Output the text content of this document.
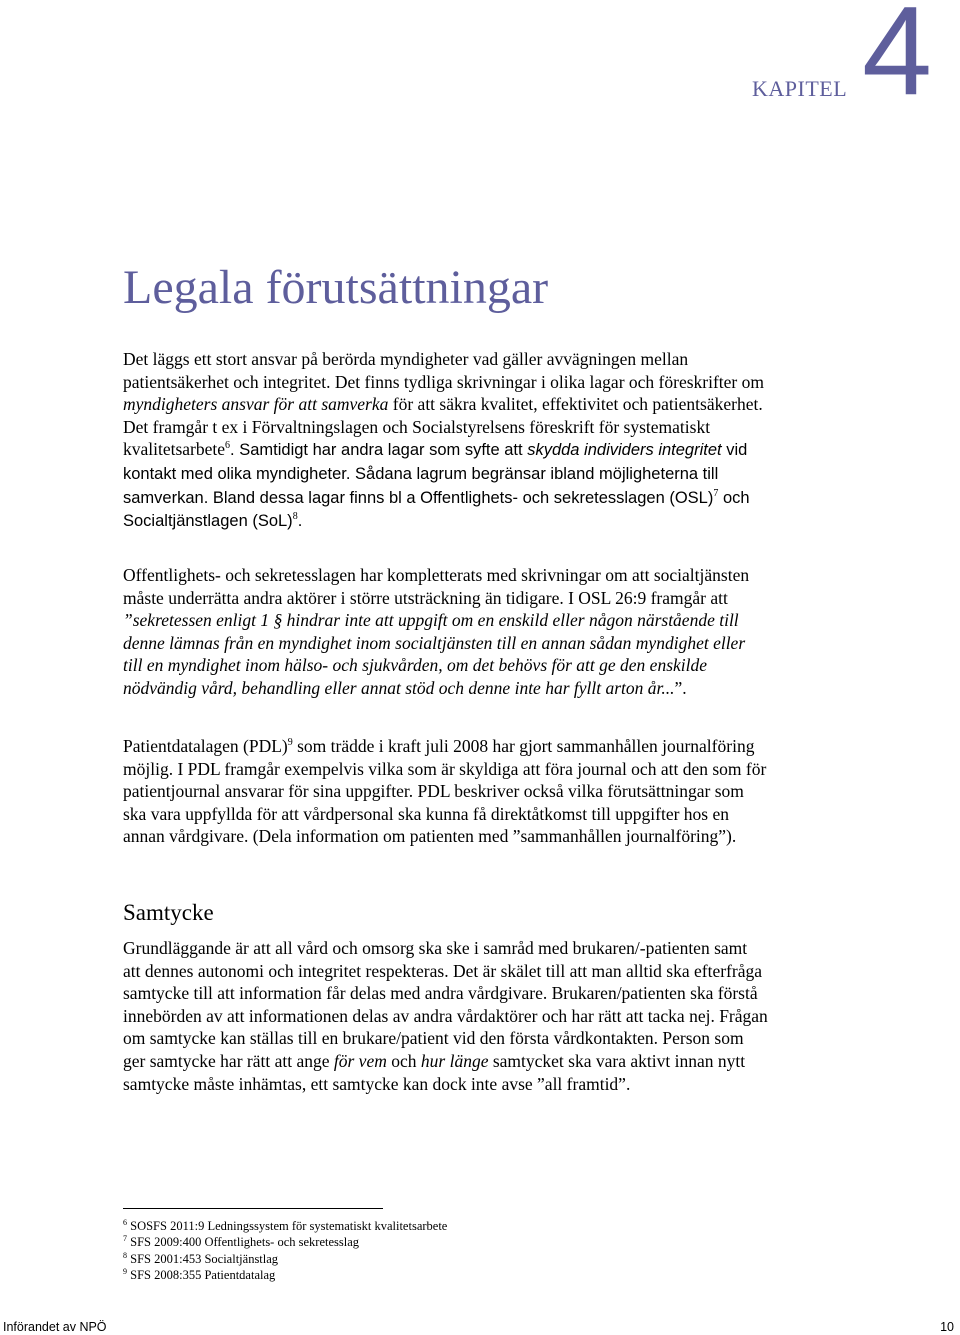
KAPITEL 4
Legala förutsättningar

Det läggs ett stort ansvar på berörda myndigheter vad gäller avvägningen mellan patientsäkerhet och integritet. Det finns tydliga skrivningar i olika lagar och föreskrifter om myndigheters ansvar för att samverka för att säkra kvalitet, effektivitet och patientsäkerhet. Det framgår t ex i Förvaltningslagen och Socialstyrelsens föreskrift för systematiskt kvalitetsarbete$^6$. Samtidigt har andra lagar som syfte att skydda individers integritet vid kontakt med olika myndigheter. Sådana lagrum begränsar ibland möjligheterna till samverkan. Bland dessa lagar finns bl a Offentlighets- och sekretesslagen (OSL)$^7$ och Socialtjänstlagen (SoL)$^8$.

Offentlighets- och sekretesslagen har kompletterats med skrivningar om att socialtjänsten måste underrätta andra aktörer i större utsträckning än tidigare. I OSL 26:9 framgår att ”sekretessen enligt 1 § hindrar inte att uppgift om en enskild eller någon närstående till denne lämnas från en myndighet inom socialtjänsten till en annan sådan myndighet eller till en myndighet inom hälso- och sjukvården, om det behövs för att ge den enskilde nödvändig vård, behandling eller annat stöd och denne inte har fyllt arton år...”.

Patientdatalagen (PDL)$^9$ som trädde i kraft juli 2008 har gjort sammanhållen journalföring möjlig. I PDL framgår exempelvis vilka som är skyldiga att föra journal och att den som för patientjournal ansvarar för sina uppgifter. PDL beskriver också vilka förutsättningar som ska vara uppfyllda för att vårdpersonal ska kunna få direktåtkomst till uppgifter hos en annan vårdgivare. (Dela information om patienten med ”sammanhållen journalföring”).

Samtycke

Grundläggande är att all vård och omsorg ska ske i samråd med brukaren/-patienten samt att dennes autonomi och integritet respekteras. Det är skälet till att man alltid ska efterfråga samtycke till att information får delas med andra vårdgivare. Brukaren/patienten ska förstå innebörden av att informationen delas av andra vårdaktörer och har rätt att tacka nej. Frågan om samtycke kan ställas till en brukare/patient vid den första vårdkontakten. Person som ger samtycke har rätt att ange för vem och hur länge samtycket ska vara aktivt innan nytt samtycke måste inhämtas, ett samtycke kan dock inte avse ”all framtid”.

$^6$ SOSFS 2011:9 Ledningssystem för systematiskt kvalitetsarbete
$^7$ SFS 2009:400 Offentlighets- och sekretesslag
$^8$ SFS 2001:453 Socialtjänstlag
$^9$ SFS 2008:355 Patientdatalag
Införandet av NPÖ	10
